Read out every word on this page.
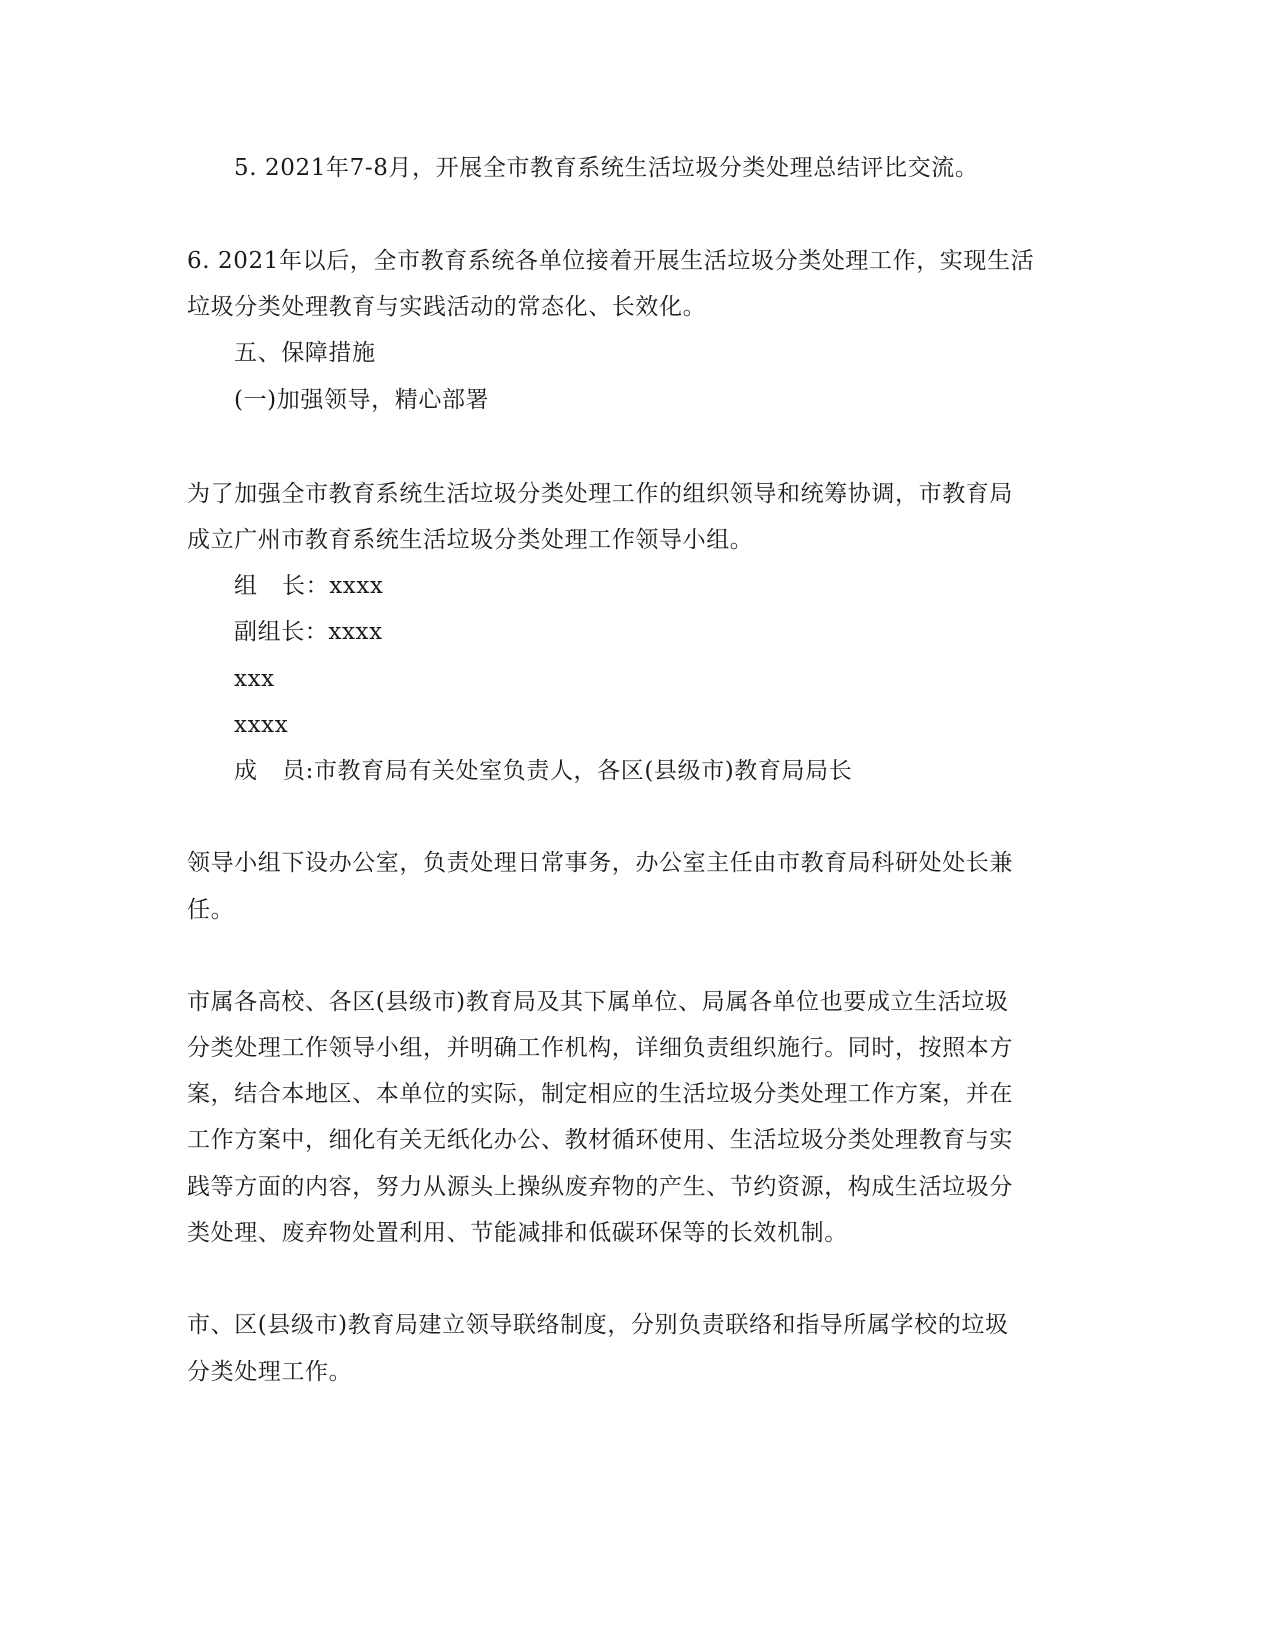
5. 2021年7-8月，开展全市教育系统生活垃圾分类处理总结评比交流。
6. 2021年以后，全市教育系统各单位接着开展生活垃圾分类处理工作，实现生活
垃圾分类处理教育与实践活动的常态化、长效化。
五、保障措施
(一)加强领导，精心部署
为了加强全市教育系统生活垃圾分类处理工作的组织领导和统筹协调，市教育局
成立广州市教育系统生活垃圾分类处理工作领导小组。
组 长：xxxx
副组长：xxxx
xxx
xxxx
成 员:市教育局有关处室负责人，各区(县级市)教育局局长
领导小组下设办公室，负责处理日常事务，办公室主任由市教育局科研处处长兼
任。
市属各高校、各区(县级市)教育局及其下属单位、局属各单位也要成立生活垃圾
分类处理工作领导小组，并明确工作机构，详细负责组织施行。同时，按照本方
案，结合本地区、本单位的实际，制定相应的生活垃圾分类处理工作方案，并在
工作方案中，细化有关无纸化办公、教材循环使用、生活垃圾分类处理教育与实
践等方面的内容，努力从源头上操纵废弃物的产生、节约资源，构成生活垃圾分
类处理、废弃物处置利用、节能减排和低碳环保等的长效机制。
市、区(县级市)教育局建立领导联络制度，分别负责联络和指导所属学校的垃圾
分类处理工作。
